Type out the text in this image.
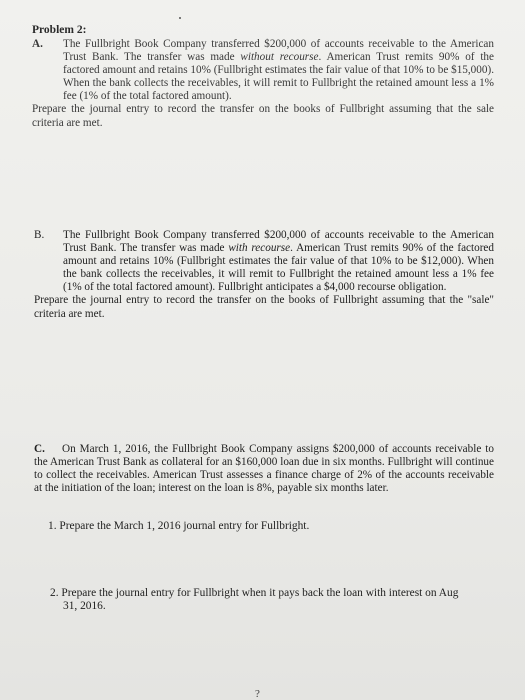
Problem 2:
A. The Fullbright Book Company transferred $200,000 of accounts receivable to the American Trust Bank. The transfer was made without recourse. American Trust remits 90% of the factored amount and retains 10% (Fullbright estimates the fair value of that 10% to be $15,000). When the bank collects the receivables, it will remit to Fullbright the retained amount less a 1% fee (1% of the total factored amount).
Prepare the journal entry to record the transfer on the books of Fullbright assuming that the sale criteria are met.
B. The Fullbright Book Company transferred $200,000 of accounts receivable to the American Trust Bank. The transfer was made with recourse. American Trust remits 90% of the factored amount and retains 10% (Fullbright estimates the fair value of that 10% to be $12,000). When the bank collects the receivables, it will remit to Fullbright the retained amount less a 1% fee (1% of the total factored amount). Fullbright anticipates a $4,000 recourse obligation.
Prepare the journal entry to record the transfer on the books of Fullbright assuming that the "sale" criteria are met.
C. On March 1, 2016, the Fullbright Book Company assigns $200,000 of accounts receivable to the American Trust Bank as collateral for an $160,000 loan due in six months. Fullbright will continue to collect the receivables. American Trust assesses a finance charge of 2% of the accounts receivable at the initiation of the loan; interest on the loan is 8%, payable six months later.
1. Prepare the March 1, 2016 journal entry for Fullbright.
2. Prepare the journal entry for Fullbright when it pays back the loan with interest on Aug
31, 2016.
?
